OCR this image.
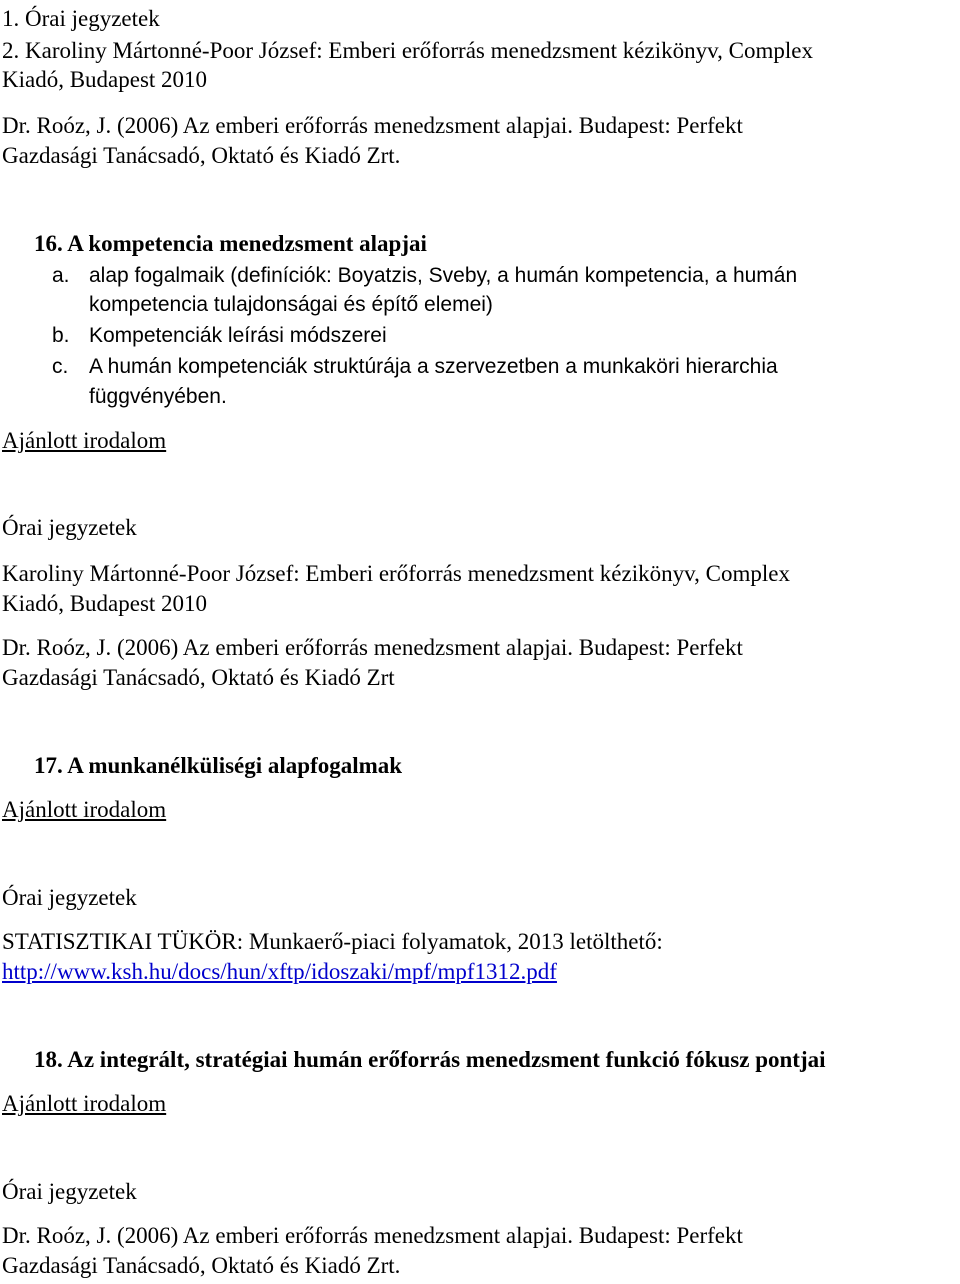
1. Órai jegyzetek
2. Karoliny Mártonné-Poor József: Emberi erőforrás menedzsment kézikönyv, Complex
Kiadó, Budapest 2010
Dr. Roóz, J. (2006) Az emberi erőforrás menedzsment alapjai. Budapest: Perfekt
Gazdasági Tanácsadó, Oktató és Kiadó Zrt.
16. A kompetencia menedzsment alapjai
a. alap fogalmaik (definíciók: Boyatzis, Sveby, a humán kompetencia, a humán
kompetencia tulajdonságai és építő elemei)
b. Kompetenciák leírási módszerei
c. A humán kompetenciák struktúrája a szervezetben a munkaköri hierarchia
függvényében.
Ajánlott irodalom
Órai jegyzetek
Karoliny Mártonné-Poor József: Emberi erőforrás menedzsment kézikönyv, Complex
Kiadó, Budapest 2010
Dr. Roóz, J. (2006) Az emberi erőforrás menedzsment alapjai. Budapest: Perfekt
Gazdasági Tanácsadó, Oktató és Kiadó Zrt
17. A munkanélküliségi alapfogalmak
Ajánlott irodalom
Órai jegyzetek
STATISZTIKAI TÜKÖR: Munkaerő-piaci folyamatok, 2013 letölthető:
http://www.ksh.hu/docs/hun/xftp/idoszaki/mpf/mpf1312.pdf
18. Az integrált, stratégiai humán erőforrás menedzsment funkció fókusz pontjai
Ajánlott irodalom
Órai jegyzetek
Dr. Roóz, J. (2006) Az emberi erőforrás menedzsment alapjai. Budapest: Perfekt
Gazdasági Tanácsadó, Oktató és Kiadó Zrt.
